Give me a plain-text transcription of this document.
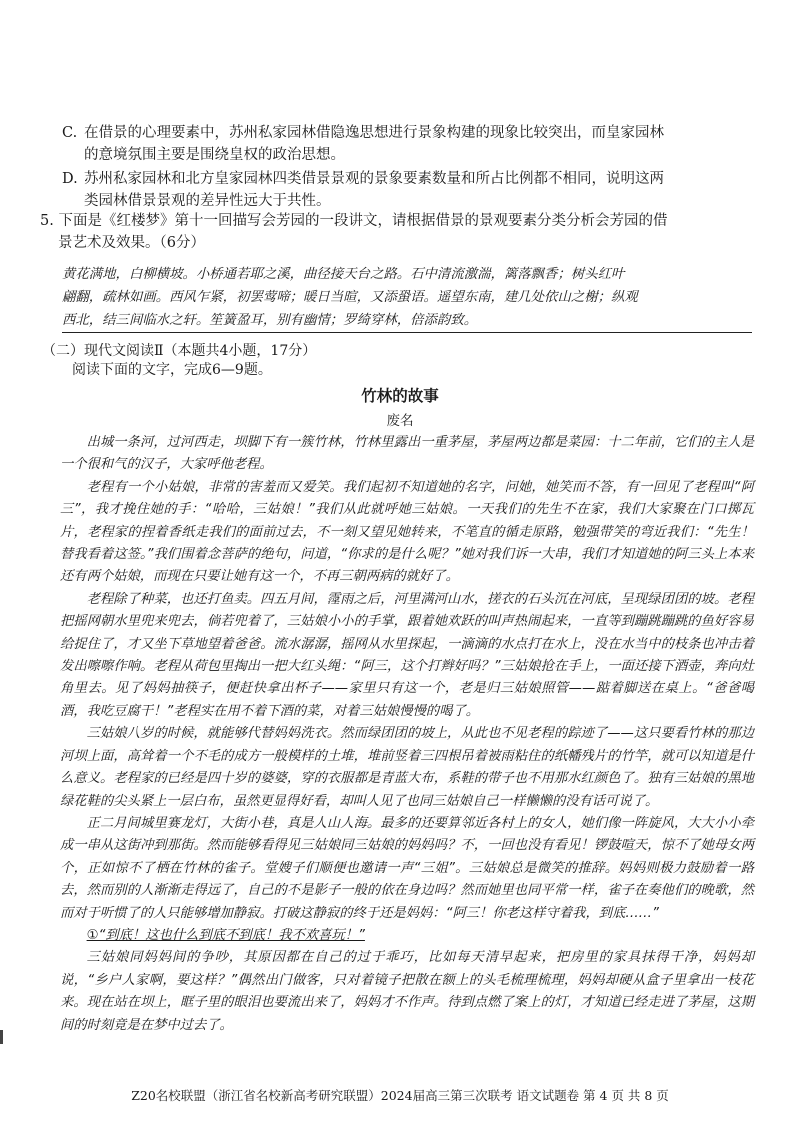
C. 在借景的心理要素中，苏州私家园林借隐逸思想进行景象构建的现象比较突出，而皇家园林
的意境氛围主要是围绕皇权的政治思想。
D. 苏州私家园林和北方皇家园林四类借景景观的景象要素数量和所占比例都不相同，说明这两
类园林借景景观的差异性远大于共性。
5. 下面是《红楼梦》第十一回描写会芳园的一段讲文，请根据借景的景观要素分类分析会芳园的借
景艺术及效果。（6分）
黄花满地，白柳横坡。小桥通若耶之溪，曲径接天台之路。石中清流激湍，篱落飘香；树头红叶
翩翻，疏林如画。西风乍紧，初罢莺啼；暖日当暄，又添蛩语。遥望东南，建几处依山之榭；纵观
西北，结三间临水之轩。笙簧盈耳，别有幽情；罗绮穿林，倍添韵致。
（二）现代文阅读Ⅱ（本题共4小题，17分）
阅读下面的文字，完成6—9题。
竹林的故事
废名

出城一条河，过河西走，坝脚下有一簇竹林，竹林里露出一重茅屋，茅屋两边都是菜园：十二年前，它们的主人是一个很和气的汉子，大家呼他老程。

老程有一个小姑娘，非常的害羞而又爱笑。我们起初不知道她的名字，问她，她笑而不答，有一回见了老程叫“阿三”，我才挽住她的手：“哈哈，三姑娘！”我们从此就呼她三姑娘。一天我们的先生不在家，我们大家聚在门口掷瓦片，老程家的捏着香纸走我们的面前过去，不一刻又望见她转来，不笔直的循走原路，勉强带笑的弯近我们：“先生！替我看着这签。”我们围着念菩萨的绝句，问道，“你求的是什么呢？”她对我们诉一大串，我们才知道她的阿三头上本来还有两个姑娘，而现在只要让她有这一个，不再三朝两病的就好了。

老程除了种菜，也还打鱼卖。四五月间，霪雨之后，河里满河山水，搓衣的石头沉在河底，呈现绿团团的坡。老程把摇网朝水里兜来兜去，倘若兜着了，三姑娘小小的手掌，跟着她欢跃的叫声热闹起来，一直等到蹦跳蹦跳的鱼好容易给捉住了，才又坐下草地望着爸爸。流水潺潺，摇网从水里探起，一滴滴的水点打在水上，没在水当中的枝条也冲击着发出嚓嚓作响。老程从荷包里掏出一把大红头绳：“阿三，这个打辫好吗？”三姑娘抢在手上，一面还接下酒壶，奔向灶角里去。见了妈妈抽筷子，便赶快拿出杯子——家里只有这一个，老是归三姑娘照管——踮着脚送在桌上。“爸爸喝酒，我吃豆腐干！”老程实在用不着下酒的菜，对着三姑娘慢慢的喝了。

三姑娘八岁的时候，就能够代替妈妈洗衣。然而绿团团的坡上，从此也不见老程的踪迹了——这只要看竹林的那边河坝上面，高耸着一个不毛的成方一般模样的土堆，堆前竖着三四根吊着被雨粘住的纸幡残片的竹竿，就可以知道是什么意义。老程家的已经是四十岁的婆婆，穿的衣服都是青蓝大布，系鞋的带子也不用那水红颜色了。独有三姑娘的黑地绿花鞋的尖头紧上一层白布，虽然更显得好看，却叫人见了也同三姑娘自己一样懒懒的没有话可说了。

正二月间城里赛龙灯，大街小巷，真是人山人海。最多的还要算邻近各村上的女人，她们像一阵旋风，大大小小牵成一串从这街冲到那街。然而能够看得见三姑娘同三姑娘的妈妈吗？不，一回也没有看见！锣鼓喧天，惊不了她母女两个，正如惊不了栖在竹林的雀子。堂嫂子们顺便也邀请一声“三姐”。三姑娘总是微笑的推辞。妈妈则极力鼓励着一路去，然而别的人渐渐走得远了，自己的不是影子一般的依在身边吗？然而她里也同平常一样，雀子在奏他们的晚歌，然而对于听惯了的人只能够增加静寂。打破这静寂的终于还是妈妈：“阿三！你老这样守着我，到底……”

①“到底！这也什么到底不到底！我不欢喜玩！”

三姑娘同妈妈间的争吵，其原因都在自己的过于乖巧，比如每天清早起来，把房里的家具抹得干净，妈妈却说，“乡户人家啊，要这样？”偶然出门做客，只对着镜子把散在额上的头毛梳理梳理，妈妈却硬从盒子里拿出一枝花来。现在站在坝上，眶子里的眼泪也要流出来了，妈妈才不作声。待到点燃了案上的灯，才知道已经走进了茅屋，这期间的时刻竟是在梦中过去了。

Z20名校联盟（浙江省名校新高考研究联盟）2024届高三第三次联考 语文试题卷 第 4 页 共 8 页
